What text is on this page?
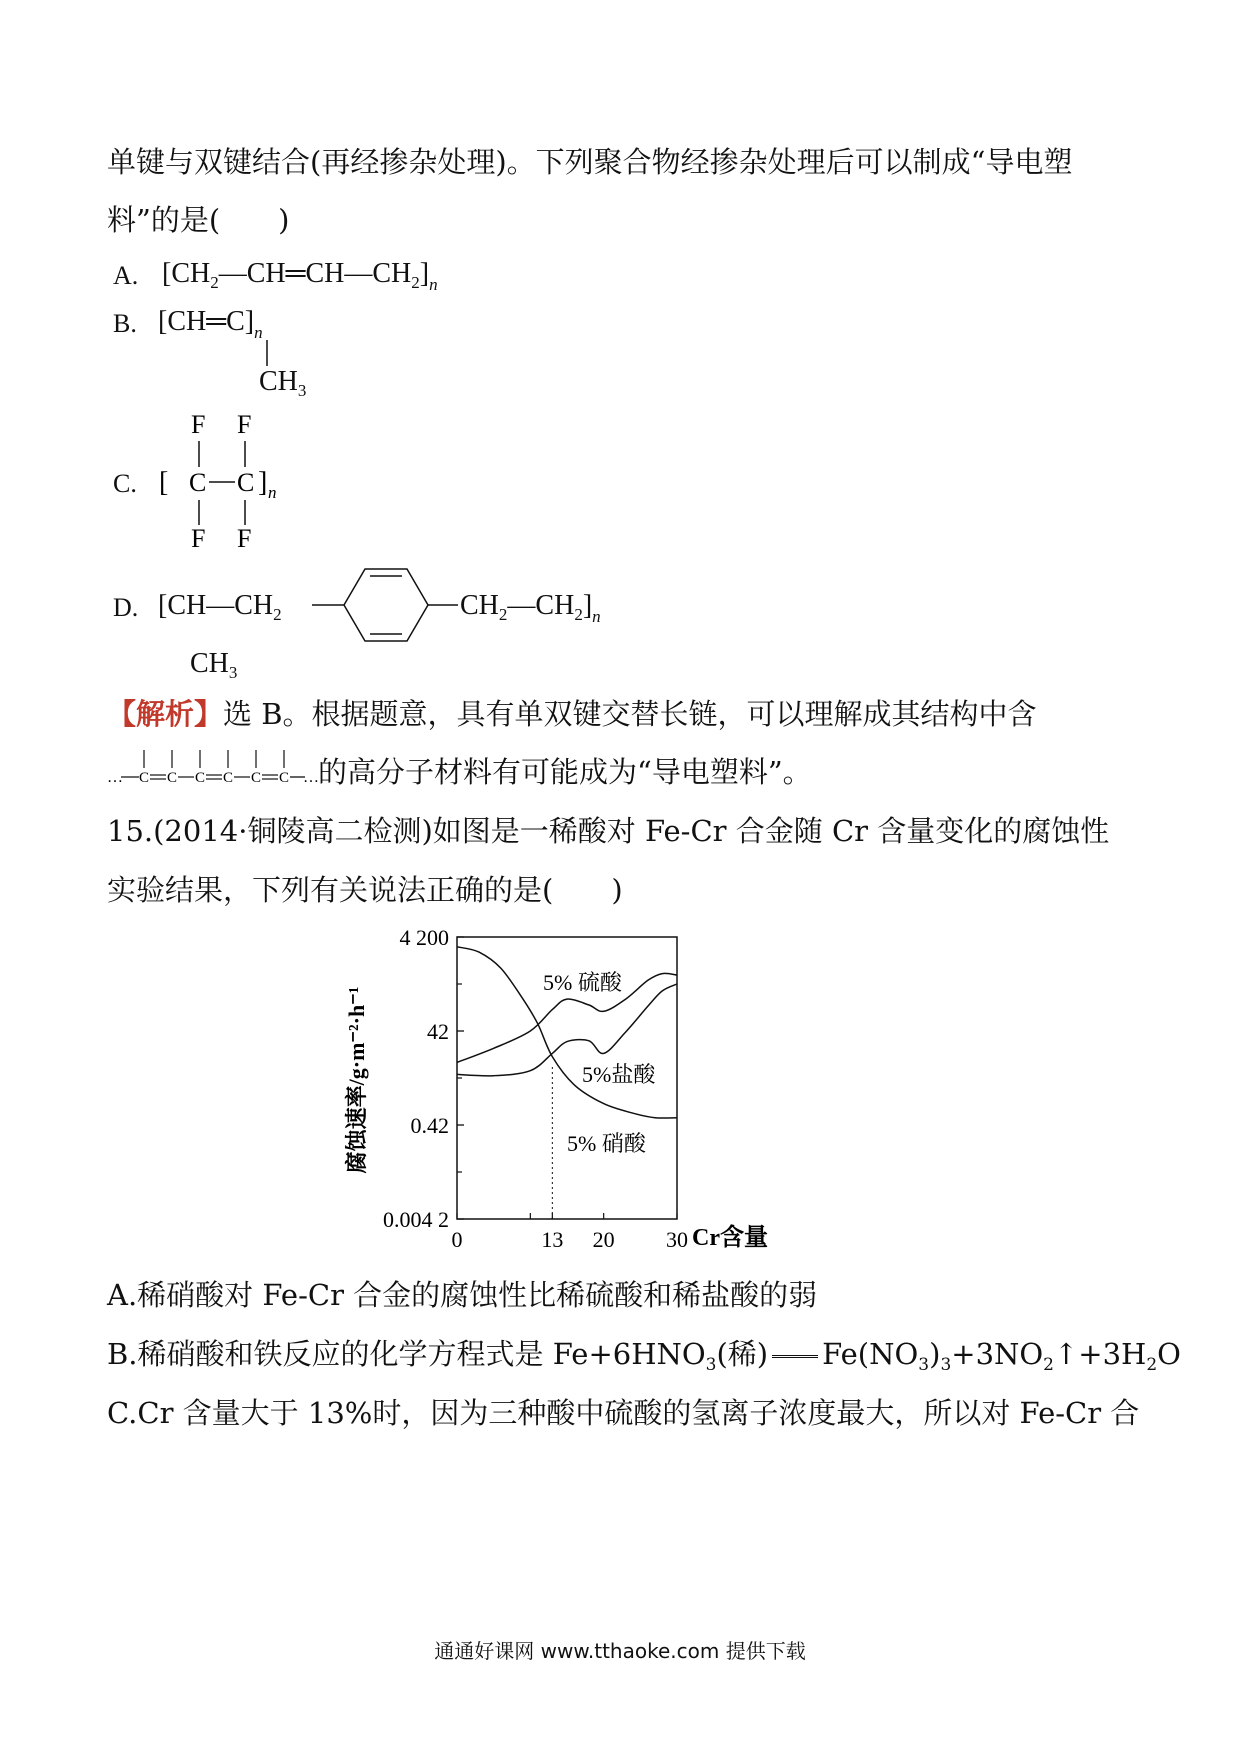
单键与双键结合(再经掺杂处理)。下列聚合物经掺杂处理后可以制成“导电塑
料”的是(　　)
A. $[CH_2—CH═CH—CH_2]_n$
B. $[CH═C]_n$
$CH_3$
C.
F F
[ C C ] n
F F
D. [$CH—CH_2$	$CH_2—CH_2]_n$
$CH_3$
【解析】选 B。根据题意，具有单双键交替长链，可以理解成其结构中含
… C C C C C C … 的高分子材料有可能成为“导电塑料”。
15.(2014·铜陵高二检测)如图是一稀酸对 Fe-Cr 合金随 Cr 含量变化的腐蚀性
实验结果，下列有关说法正确的是(　　)
4 200
42
0.42
0.004 2
0	13 20 30
腐蚀速率/g·m⁻²·h⁻¹
Cr含量
5% 硫酸
5%盐酸
5% 硝酸
A.稀硝酸对 Fe-Cr 合金的腐蚀性比稀硫酸和稀盐酸的弱
B.稀硝酸和铁反应的化学方程式是 $Fe+6HNO_3$(稀) $Fe(NO_3)_3+3NO_2↑+3H_2O$
C.Cr 含量大于 13%时，因为三种酸中硫酸的氢离子浓度最大，所以对 Fe-Cr 合
通通好课网 www.tthaoke.com 提供下载
